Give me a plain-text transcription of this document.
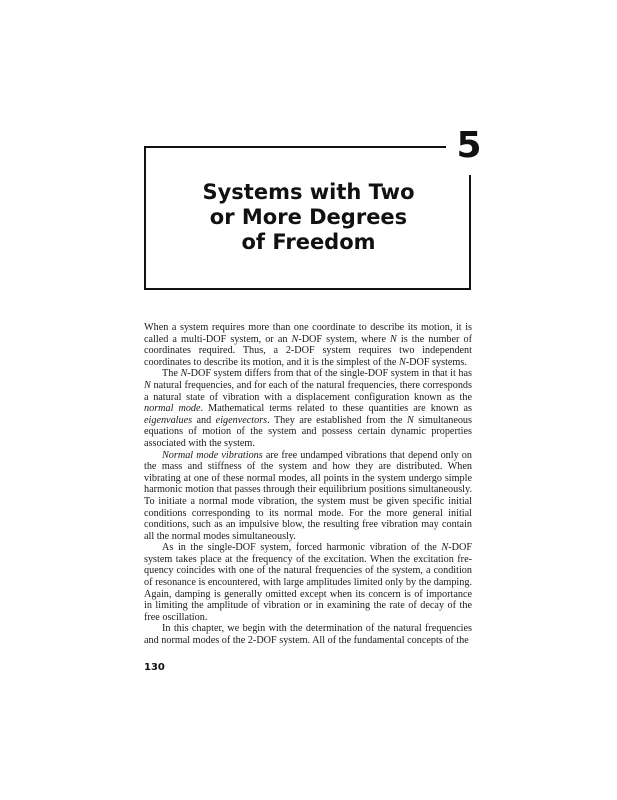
5
Systems with Two
or More Degrees
of Freedom

When a system requires more than one coordinate to describe its motion, it is called a multi-DOF system, or an N-DOF system, where N is the number of coordinates required. Thus, a 2-DOF system requires two independent coordinates to describe its motion, and it is the simplest of the N-DOF systems.

The N-DOF system differs from that of the single-DOF system in that it has N natural frequencies, and for each of the natural frequencies, there corresponds a natural state of vibration with a displacement configuration known as the normal mode. Mathematical terms related to these quantities are known as eigenvalues and eigenvectors. They are established from the N simultaneous equations of motion of the system and possess certain dynamic properties associated with the system.

Normal mode vibrations are free undamped vibrations that depend only on the mass and stiffness of the system and how they are distributed. When vibrating at one of these normal modes, all points in the system undergo simple harmonic motion that passes through their equilibrium positions simultaneously. To initiate a normal mode vibration, the system must be given specific initial conditions corresponding to its normal mode. For the more general initial conditions, such as an impulsive blow, the resulting free vibration may contain all the normal modes simultaneously.

As in the single-DOF system, forced harmonic vibration of the N-DOF system takes place at the frequency of the excitation. When the excitation frequency coincides with one of the natural frequencies of the system, a condition of resonance is encountered, with large amplitudes limited only by the damping. Again, damping is generally omitted except when its concern is of importance in limiting the amplitude of vibration or in examining the rate of decay of the free oscillation.

In this chapter, we begin with the determination of the natural frequencies and normal modes of the 2-DOF system. All of the fundamental concepts of the

130
